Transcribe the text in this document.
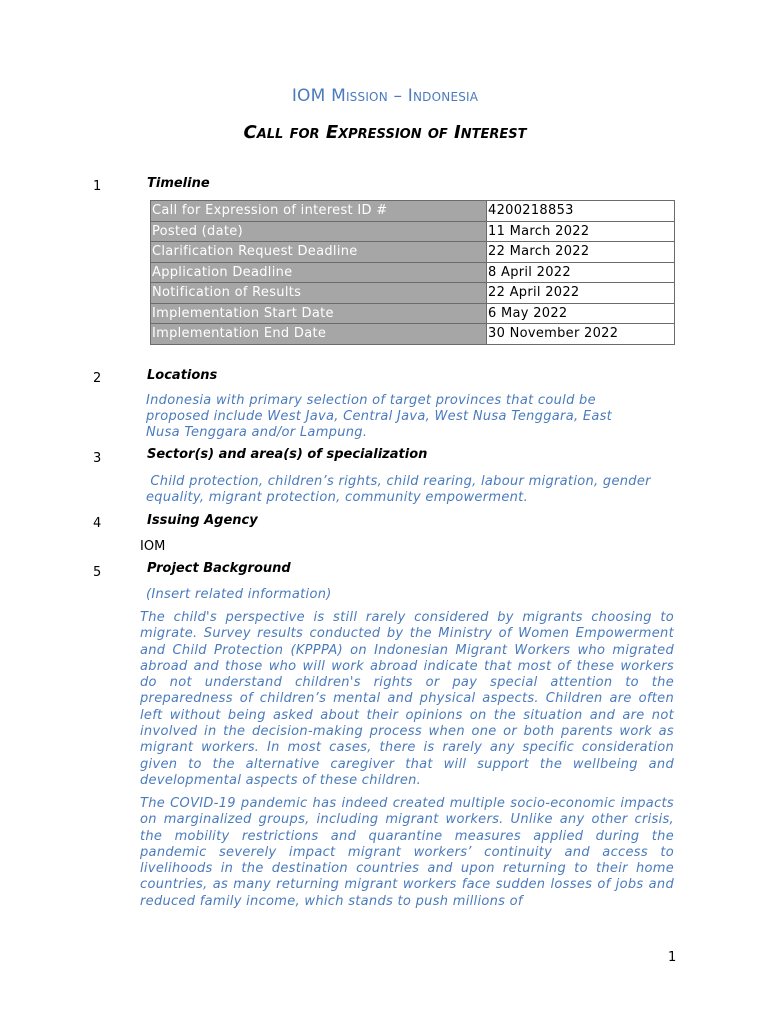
IOM Mission – Indonesia
Call for Expression of Interest
1	Timeline
Call for Expression of interest ID #	4200218853
Posted (date)	11 March 2022
Clarification Request Deadline	22 March 2022
Application Deadline	8 April 2022
Notification of Results	22 April 2022
Implementation Start Date	6 May 2022
Implementation End Date	30 November 2022
2	Locations
Indonesia with primary selection of target provinces that could be
proposed include West Java, Central Java, West Nusa Tenggara, East
Nusa Tenggara and/or Lampung.
3	Sector(s) and area(s) of specialization
Child protection, children’s rights, child rearing, labour migration, gender
equality, migrant protection, community empowerment.
4	Issuing Agency
IOM
5	Project Background
(Insert related information)
The child's perspective is still rarely considered by migrants choosing to migrate. Survey results conducted by the Ministry of Women Empowerment and Child Protection (KPPPA) on Indonesian Migrant Workers who migrated abroad and those who will work abroad indicate that most of these workers do not understand children's rights or pay special attention to the preparedness of children’s mental and physical aspects. Children are often left without being asked about their opinions on the situation and are not involved in the decision-making process when one or both parents work as migrant workers. In most cases, there is rarely any specific consideration given to the alternative caregiver that will support the wellbeing and developmental aspects of these children.
The COVID-19 pandemic has indeed created multiple socio-economic impacts on marginalized groups, including migrant workers. Unlike any other crisis, the mobility restrictions and quarantine measures applied during the pandemic severely impact migrant workers’ continuity and access to livelihoods in the destination countries and upon returning to their home countries, as many returning migrant workers face sudden losses of jobs and reduced family income, which stands to push millions of
1
